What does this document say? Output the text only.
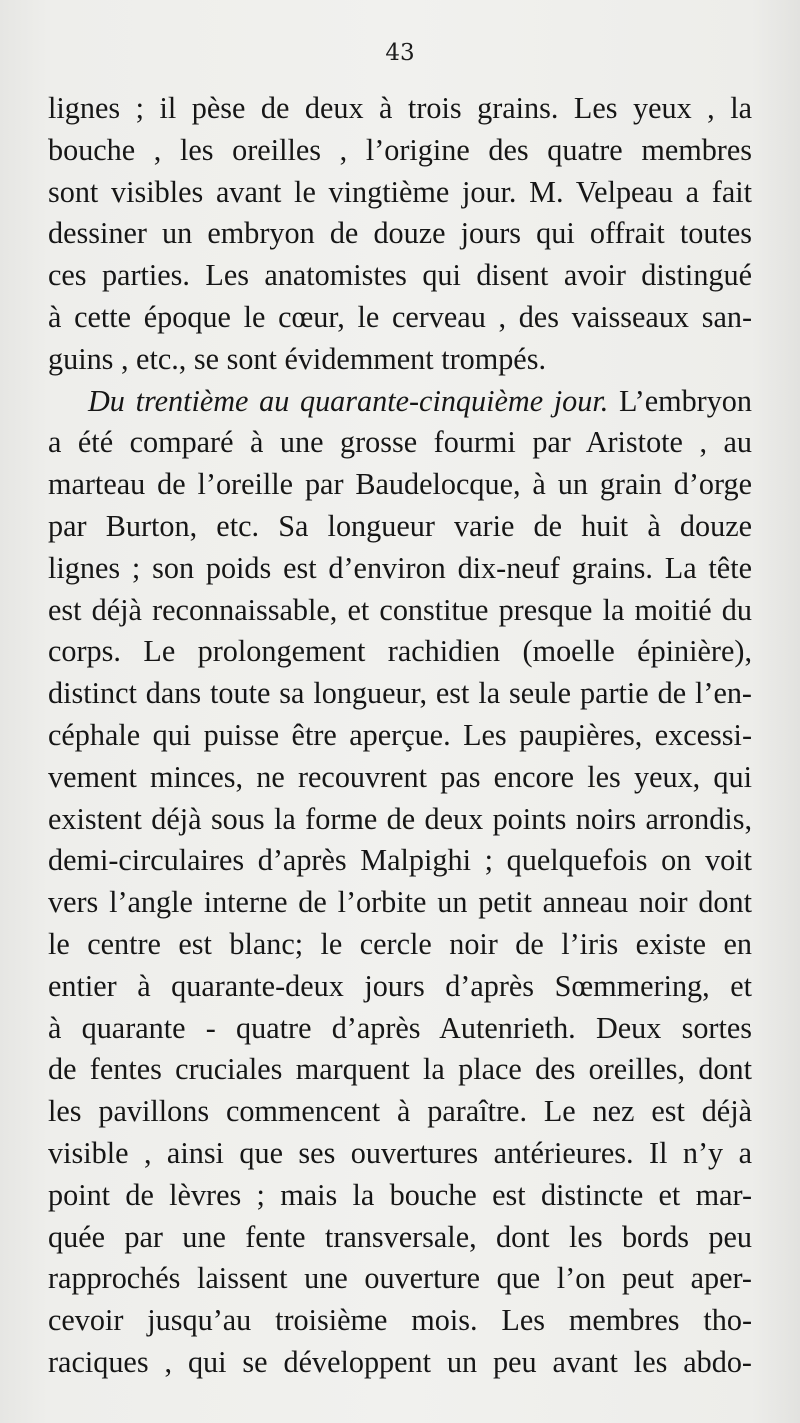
43
lignes ; il pèse de deux à trois grains. Les yeux , la
bouche , les oreilles , l’origine des quatre membres
sont visibles avant le vingtième jour. M. Velpeau a fait
dessiner un embryon de douze jours qui offrait toutes
ces parties. Les anatomistes qui disent avoir distingué
à cette époque le cœur, le cerveau , des vaisseaux san-
guins , etc., se sont évidemment trompés.
Du trentième au quarante-cinquième jour. L’embryon
a été comparé à une grosse fourmi par Aristote , au
marteau de l’oreille par Baudelocque, à un grain d’orge
par Burton, etc. Sa longueur varie de huit à douze
lignes ; son poids est d’environ dix-neuf grains. La tête
est déjà reconnaissable, et constitue presque la moitié du
corps. Le prolongement rachidien (moelle épinière),
distinct dans toute sa longueur, est la seule partie de l’en-
céphale qui puisse être aperçue. Les paupières, excessi-
vement minces, ne recouvrent pas encore les yeux, qui
existent déjà sous la forme de deux points noirs arrondis,
demi-circulaires d’après Malpighi ; quelquefois on voit
vers l’angle interne de l’orbite un petit anneau noir dont
le centre est blanc; le cercle noir de l’iris existe en
entier à quarante-deux jours d’après Sœmmering, et
à quarante - quatre d’après Autenrieth. Deux sortes
de fentes cruciales marquent la place des oreilles, dont
les pavillons commencent à paraître. Le nez est déjà
visible , ainsi que ses ouvertures antérieures. Il n’y a
point de lèvres ; mais la bouche est distincte et mar-
quée par une fente transversale, dont les bords peu
rapprochés laissent une ouverture que l’on peut aper-
cevoir jusqu’au troisième mois. Les membres tho-
raciques , qui se développent un peu avant les abdo-
